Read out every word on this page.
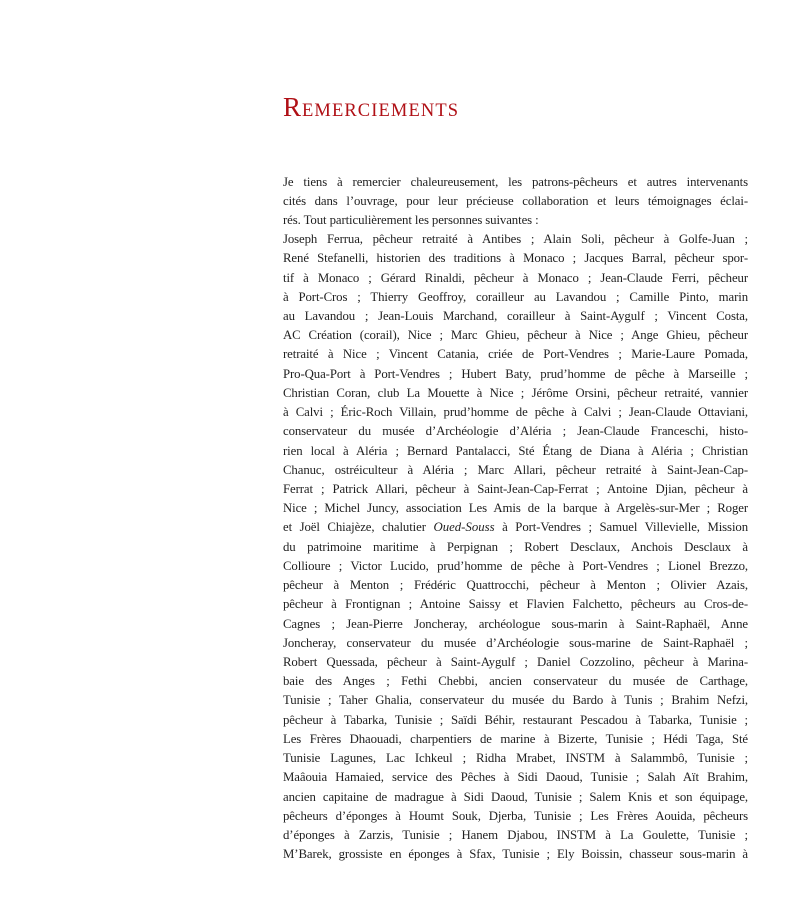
REMERCIEMENTS
Je tiens à remercier chaleureusement, les patrons-pêcheurs et autres intervenants
cités dans l’ouvrage, pour leur précieuse collaboration et leurs témoignages éclai-
rés. Tout particulièrement les personnes suivantes :
Joseph Ferrua, pêcheur retraité à Antibes ; Alain Soli, pêcheur à Golfe-Juan ;
René Stefanelli, historien des traditions à Monaco ; Jacques Barral, pêcheur spor-
tif à Monaco ; Gérard Rinaldi, pêcheur à Monaco ; Jean-Claude Ferri, pêcheur
à Port-Cros ; Thierry Geoffroy, corailleur au Lavandou ; Camille Pinto, marin
au Lavandou ; Jean-Louis Marchand, corailleur à Saint-Aygulf ; Vincent Costa,
AC Création (corail), Nice ; Marc Ghieu, pêcheur à Nice ; Ange Ghieu, pêcheur
retraité à Nice ; Vincent Catania, criée de Port-Vendres ; Marie-Laure Pomada,
Pro-Qua-Port à Port-Vendres ; Hubert Baty, prud’homme de pêche à Marseille ;
Christian Coran, club La Mouette à Nice ; Jérôme Orsini, pêcheur retraité, vannier
à Calvi ; Éric-Roch Villain, prud’homme de pêche à Calvi ; Jean-Claude Ottaviani,
conservateur du musée d’Archéologie d’Aléria ; Jean-Claude Franceschi, histo-
rien local à Aléria ; Bernard Pantalacci, Sté Étang de Diana à Aléria ; Christian
Chanuc, ostréiculteur à Aléria ; Marc Allari, pêcheur retraité à Saint-Jean-Cap-
Ferrat ; Patrick Allari, pêcheur à Saint-Jean-Cap-Ferrat ; Antoine Djian, pêcheur à
Nice ; Michel Juncy, association Les Amis de la barque à Argelès-sur-Mer ; Roger
et Joël Chiajèze, chalutier Oued-Souss à Port-Vendres ; Samuel Villevielle, Mission
du patrimoine maritime à Perpignan ; Robert Desclaux, Anchois Desclaux à
Collioure ; Victor Lucido, prud’homme de pêche à Port-Vendres ; Lionel Brezzo,
pêcheur à Menton ; Frédéric Quattrocchi, pêcheur à Menton ; Olivier Azais,
pêcheur à Frontignan ; Antoine Saissy et Flavien Falchetto, pêcheurs au Cros-de-
Cagnes ; Jean-Pierre Joncheray, archéologue sous-marin à Saint-Raphaël, Anne
Joncheray, conservateur du musée d’Archéologie sous-marine de Saint-Raphaël ;
Robert Quessada, pêcheur à Saint-Aygulf ; Daniel Cozzolino, pêcheur à Marina-
baie des Anges ; Fethi Chebbi, ancien conservateur du musée de Carthage,
Tunisie ; Taher Ghalia, conservateur du musée du Bardo à Tunis ; Brahim Nefzi,
pêcheur à Tabarka, Tunisie ; Saïdi Béhir, restaurant Pescadou à Tabarka, Tunisie ;
Les Frères Dhaouadi, charpentiers de marine à Bizerte, Tunisie ; Hédi Taga, Sté
Tunisie Lagunes, Lac Ichkeul ; Ridha Mrabet, INSTM à Salammbô, Tunisie ;
Maâouia Hamaied, service des Pêches à Sidi Daoud, Tunisie ; Salah Aït Brahim,
ancien capitaine de madrague à Sidi Daoud, Tunisie ; Salem Knis et son équipage,
pêcheurs d’éponges à Houmt Souk, Djerba, Tunisie ; Les Frères Aouida, pêcheurs
d’éponges à Zarzis, Tunisie ; Hanem Djabou, INSTM à La Goulette, Tunisie ;
M’Barek, grossiste en éponges à Sfax, Tunisie ; Ely Boissin, chasseur sous-marin à
